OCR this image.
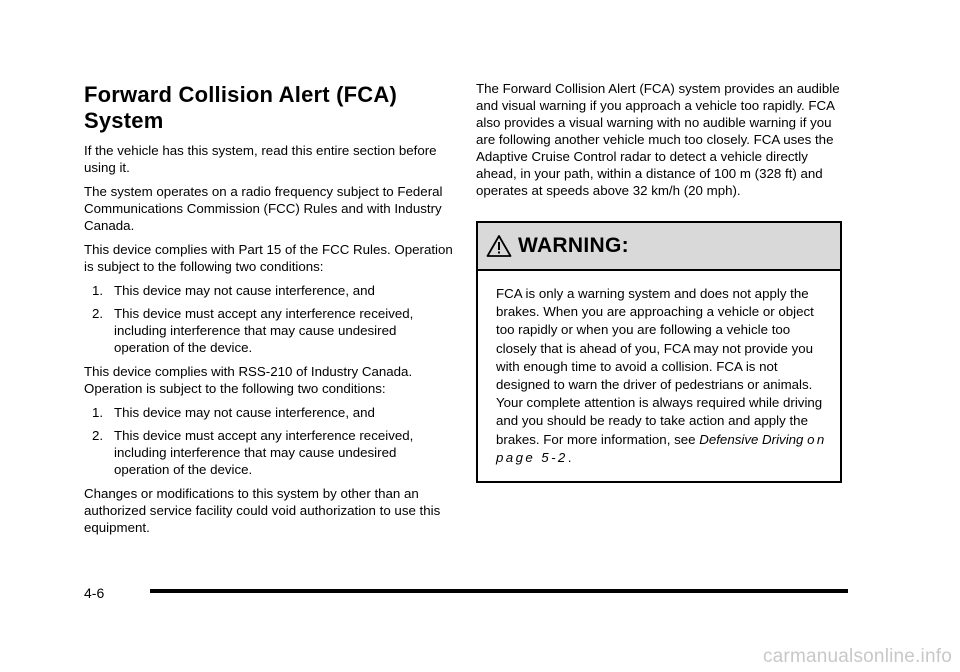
Forward Collision Alert (FCA)
System

If the vehicle has this system, read this entire section before using it.

The system operates on a radio frequency subject to Federal Communications Commission (FCC) Rules and with Industry Canada.

This device complies with Part 15 of the FCC Rules. Operation is subject to the following two conditions:

1. This device may not cause interference, and
2. This device must accept any interference received, including interference that may cause undesired operation of the device.

This device complies with RSS-210 of Industry Canada. Operation is subject to the following two conditions:

1. This device may not cause interference, and
2. This device must accept any interference received, including interference that may cause undesired operation of the device.

Changes or modifications to this system by other than an authorized service facility could void authorization to use this equipment.

The Forward Collision Alert (FCA) system provides an audible and visual warning if you approach a vehicle too rapidly. FCA also provides a visual warning with no audible warning if you are following another vehicle much too closely. FCA uses the Adaptive Cruise Control radar to detect a vehicle directly ahead, in your path, within a distance of 100 m (328 ft) and operates at speeds above 32 km/h (20 mph).

WARNING:
FCA is only a warning system and does not apply the brakes. When you are approaching a vehicle or object too rapidly or when you are following a vehicle too closely that is ahead of you, FCA may not provide you with enough time to avoid a collision. FCA is not designed to warn the driver of pedestrians or animals. Your complete attention is always required while driving and you should be ready to take action and apply the brakes. For more information, see Defensive Driving on
page 5-2.
4-6
carmanualsonline.info
